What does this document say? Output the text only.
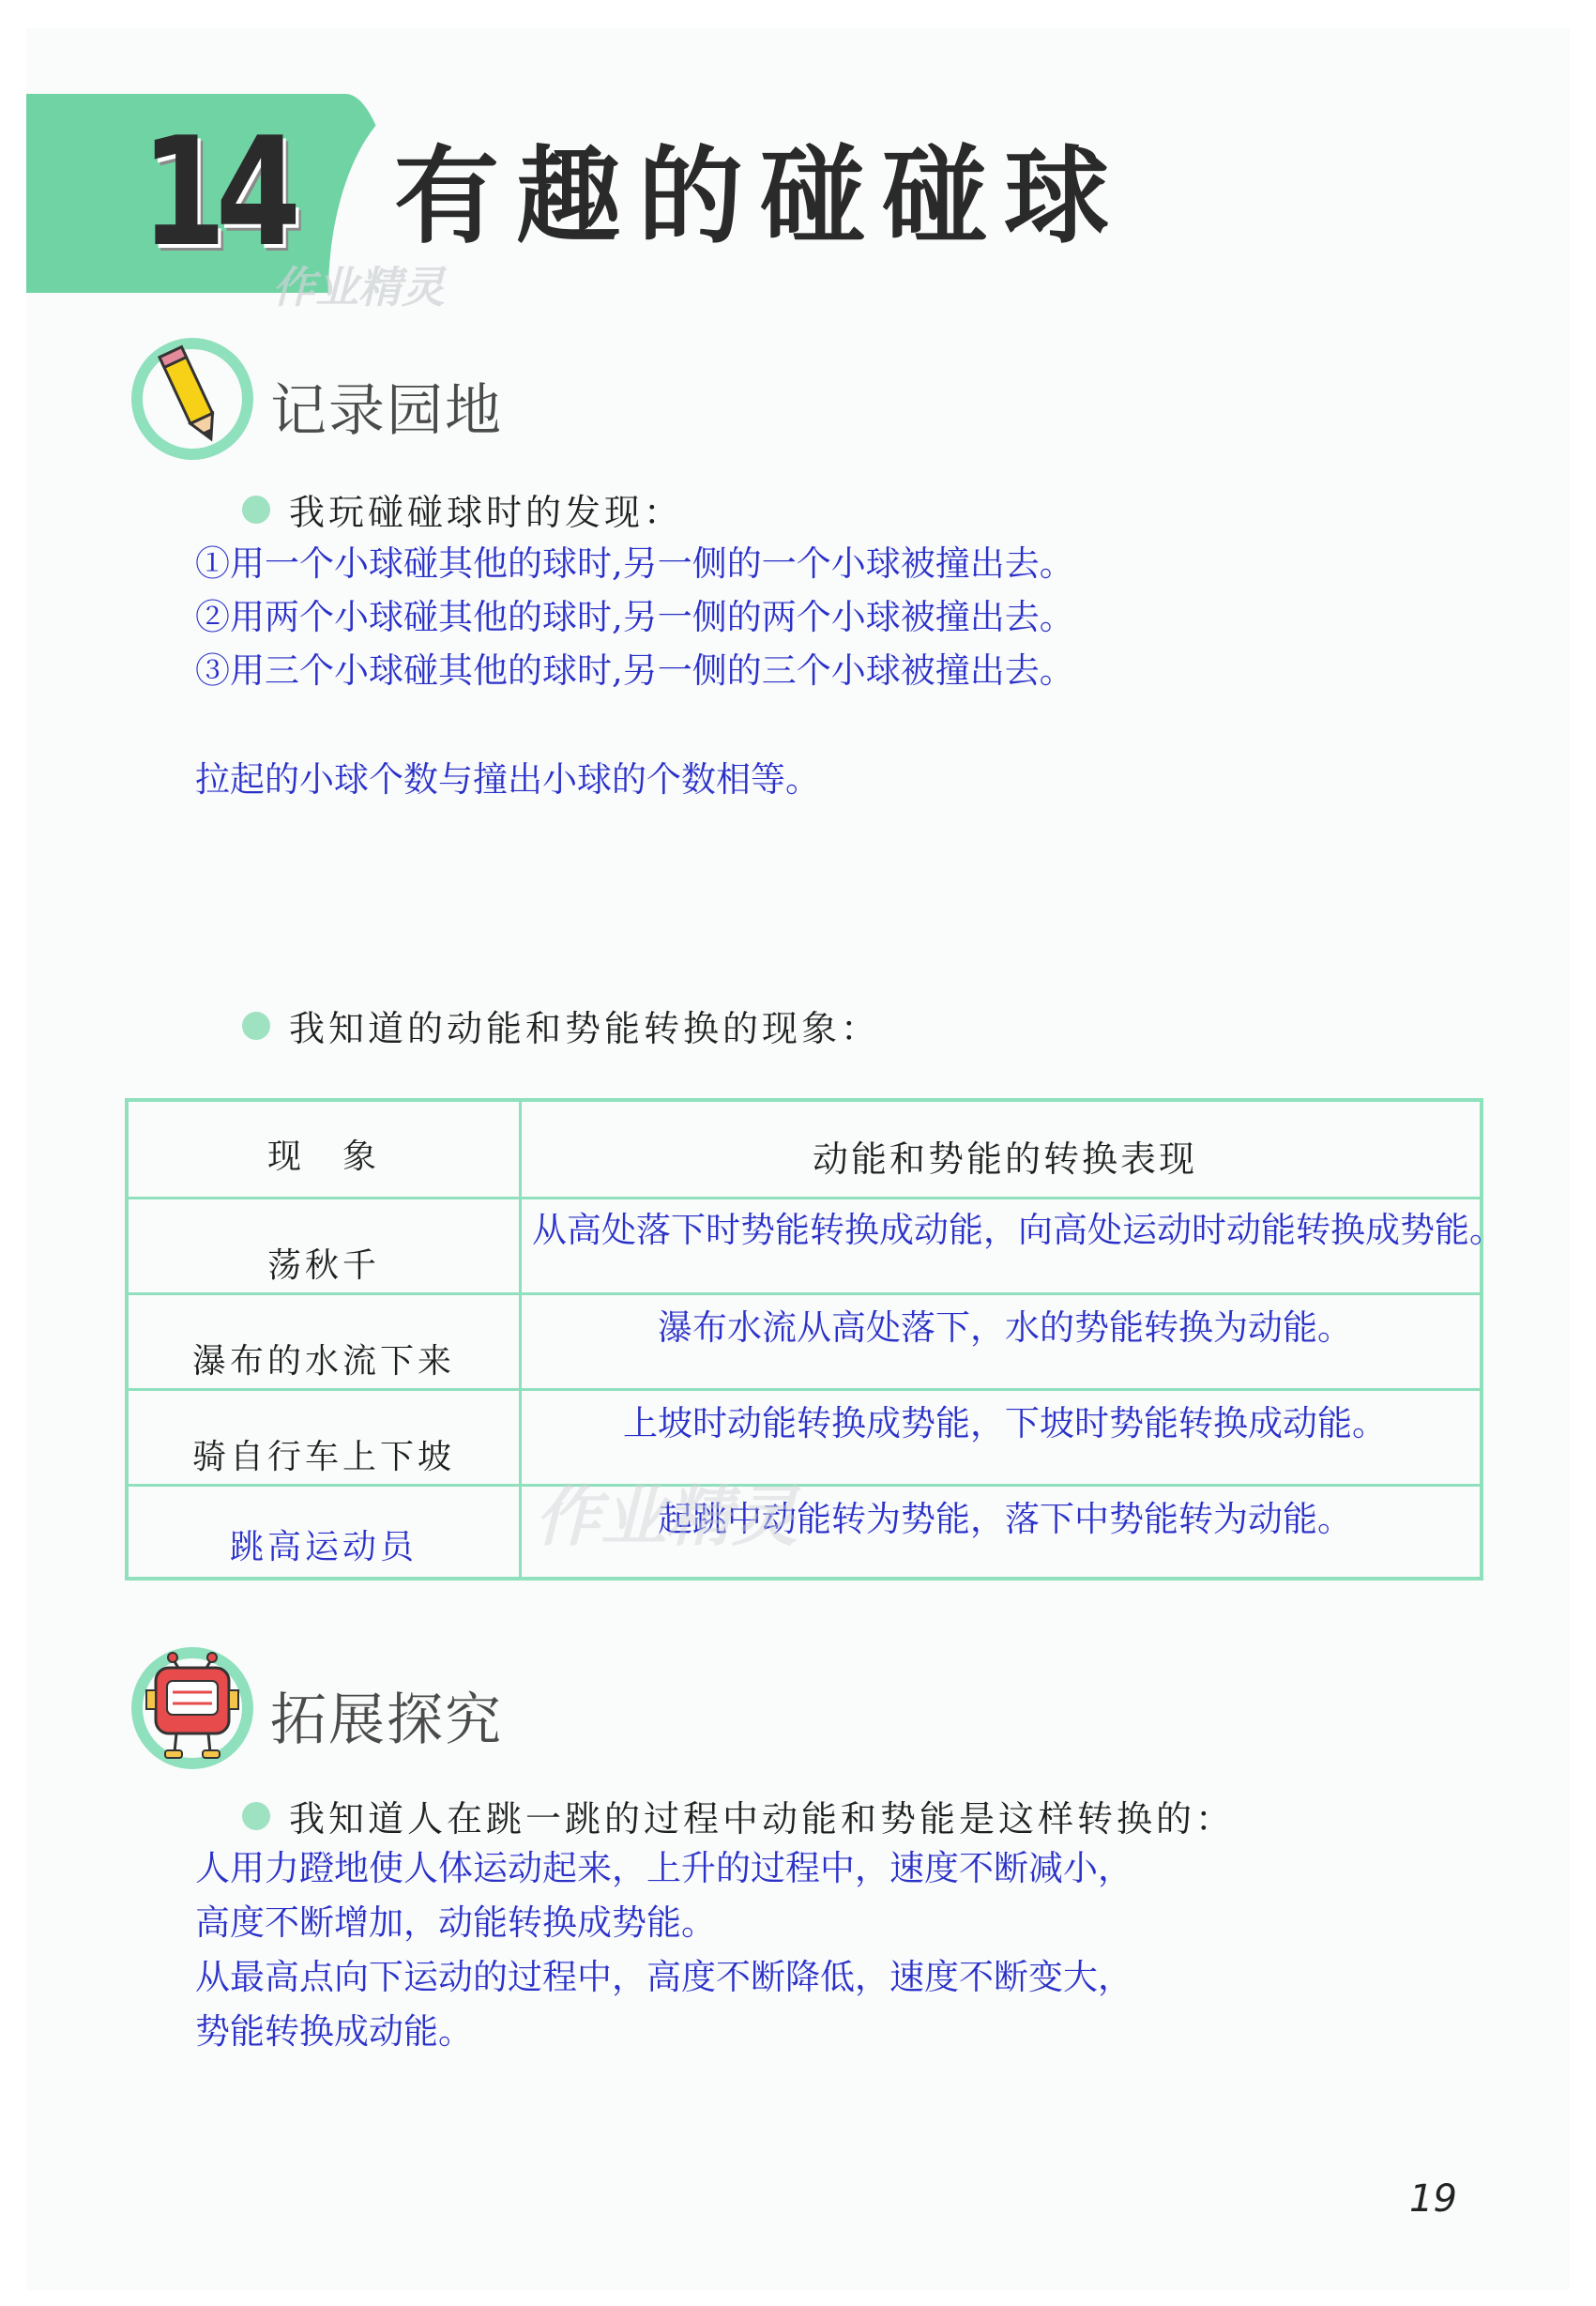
14 有趣的碰碰球
作业精灵
记录园地
我玩碰碰球时的发现：
①用一个小球碰其他的球时,另一侧的一个小球被撞出去。
②用两个小球碰其他的球时,另一侧的两个小球被撞出去。
③用三个小球碰其他的球时,另一侧的三个小球被撞出去。
拉起的小球个数与撞出小球的个数相等。
我知道的动能和势能转换的现象：
现　象	动能和势能的转换表现
荡秋千
从高处落下时势能转换成动能，向高处运动时动能转换成势能。
瀑布的水流下来
瀑布水流从高处落下，水的势能转换为动能。
骑自行车上下坡
上坡时动能转换成势能，下坡时势能转换成动能。
跳高运动员
起跳中动能转为势能，落下中势能转为动能。
作业精灵
拓展探究
我知道人在跳一跳的过程中动能和势能是这样转换的：
人用力蹬地使人体运动起来，上升的过程中，速度不断减小，
高度不断增加，动能转换成势能。
从最高点向下运动的过程中，高度不断降低，速度不断变大，
势能转换成动能。
19
